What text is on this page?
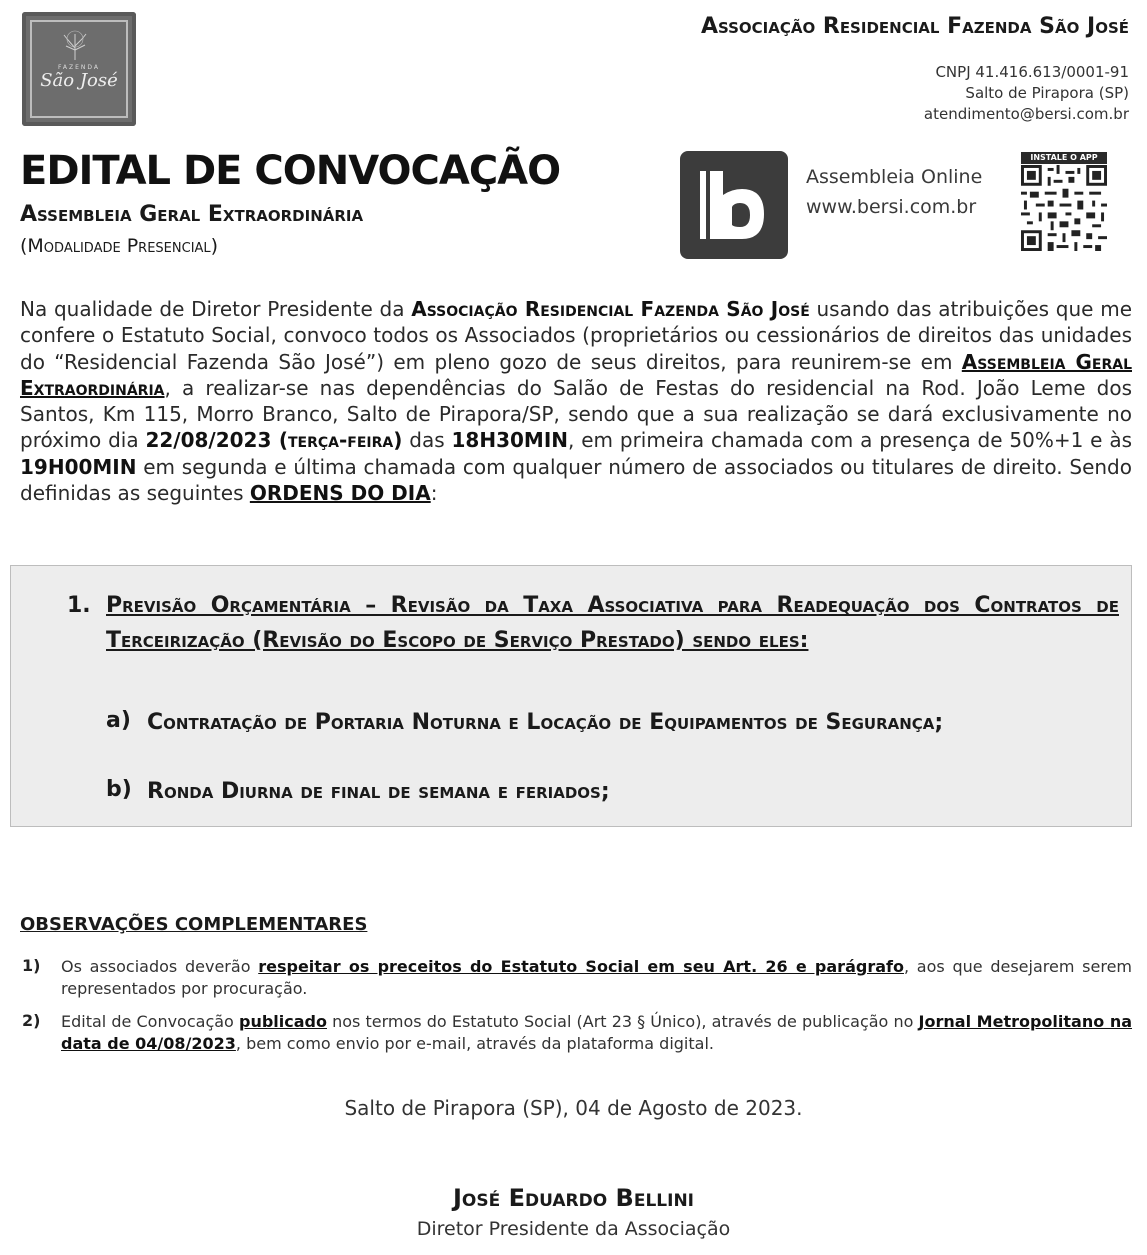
FAZENDA
São José
Associação Residencial Fazenda São José
CNPJ 41.416.613/0001-91
Salto de Pirapora (SP)
atendimento@bersi.com.br
EDITAL DE CONVOCAÇÃO
Assembleia Geral Extraordinária
(Modalidade Presencial)
Assembleia Online
www.bersi.com.br
INSTALE O APP
Na qualidade de Diretor Presidente da Associação Residencial Fazenda São José usando das atribuições que me confere o Estatuto Social, convoco todos os Associados (proprietários ou cessionários de direitos das unidades do “Residencial Fazenda São José”) em pleno gozo de seus direitos, para reunirem-se em Assembleia Geral Extraordinária, a realizar-se nas dependências do Salão de Festas do residencial na Rod. João Leme dos Santos, Km 115, Morro Branco, Salto de Pirapora/SP, sendo que a sua realização se dará exclusivamente no próximo dia 22/08/2023 (terça-feira) das 18H30MIN, em primeira chamada com a presença de 50%+1 e às 19H00MIN em segunda e última chamada com qualquer número de associados ou titulares de direito. Sendo definidas as seguintes ORDENS DO DIA:
1. Previsão Orçamentária – Revisão da Taxa Associativa para Readequação dos Contratos de Terceirização (Revisão do Escopo de Serviço Prestado) sendo eles:
a) Contratação de Portaria Noturna e Locação de Equipamentos de Segurança;
b) Ronda Diurna de final de semana e feriados;
OBSERVAÇÕES COMPLEMENTARES
1) Os associados deverão respeitar os preceitos do Estatuto Social em seu Art. 26 e parágrafo, aos que desejarem serem representados por procuração.
2) Edital de Convocação publicado nos termos do Estatuto Social (Art 23 § Único), através de publicação no Jornal Metropolitano na data de 04/08/2023, bem como envio por e-mail, através da plataforma digital.
Salto de Pirapora (SP), 04 de Agosto de 2023.
José Eduardo Bellini
Diretor Presidente da Associação
